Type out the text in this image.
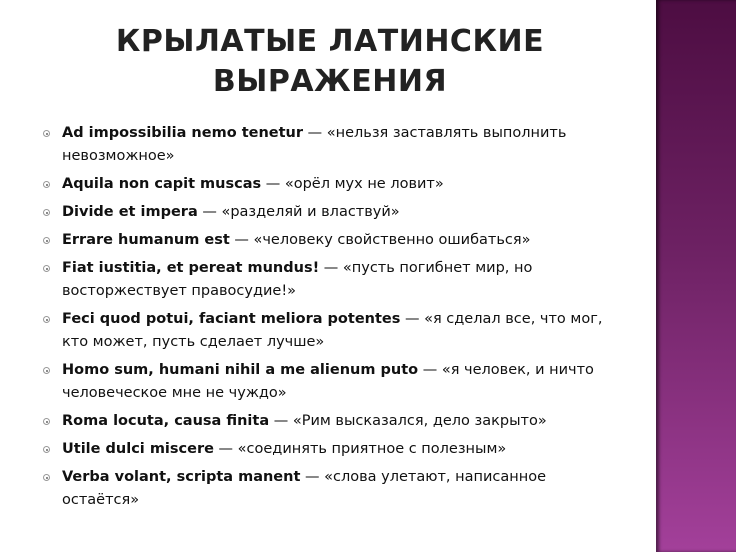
КРЫЛАТЫЕ ЛАТИНСКИЕ
ВЫРАЖЕНИЯ
Ad impossibilia nemo tenetur — «нельзя заставлять выполнить невозможное»
Aquila non capit muscas — «орёл мух не ловит»
Divide et impera — «разделяй и властвуй»
Errare humanum est — «человеку свойственно ошибаться»
Fiat iustitia, et pereat mundus! — «пусть погибнет мир, но восторжествует правосудие!»
Feci quod potui, faciant meliora potentes — «я сделал все, что мог, кто может, пусть сделает лучше»
Homo sum, humani nihil a me alienum puto — «я человек, и ничто человеческое мне не чуждо»
Roma locuta, causa finita — «Рим высказался, дело закрыто»
Utile dulci miscere — «соединять приятное с полезным»
Verba volant, scripta manent — «слова улетают, написанное остаётся»
